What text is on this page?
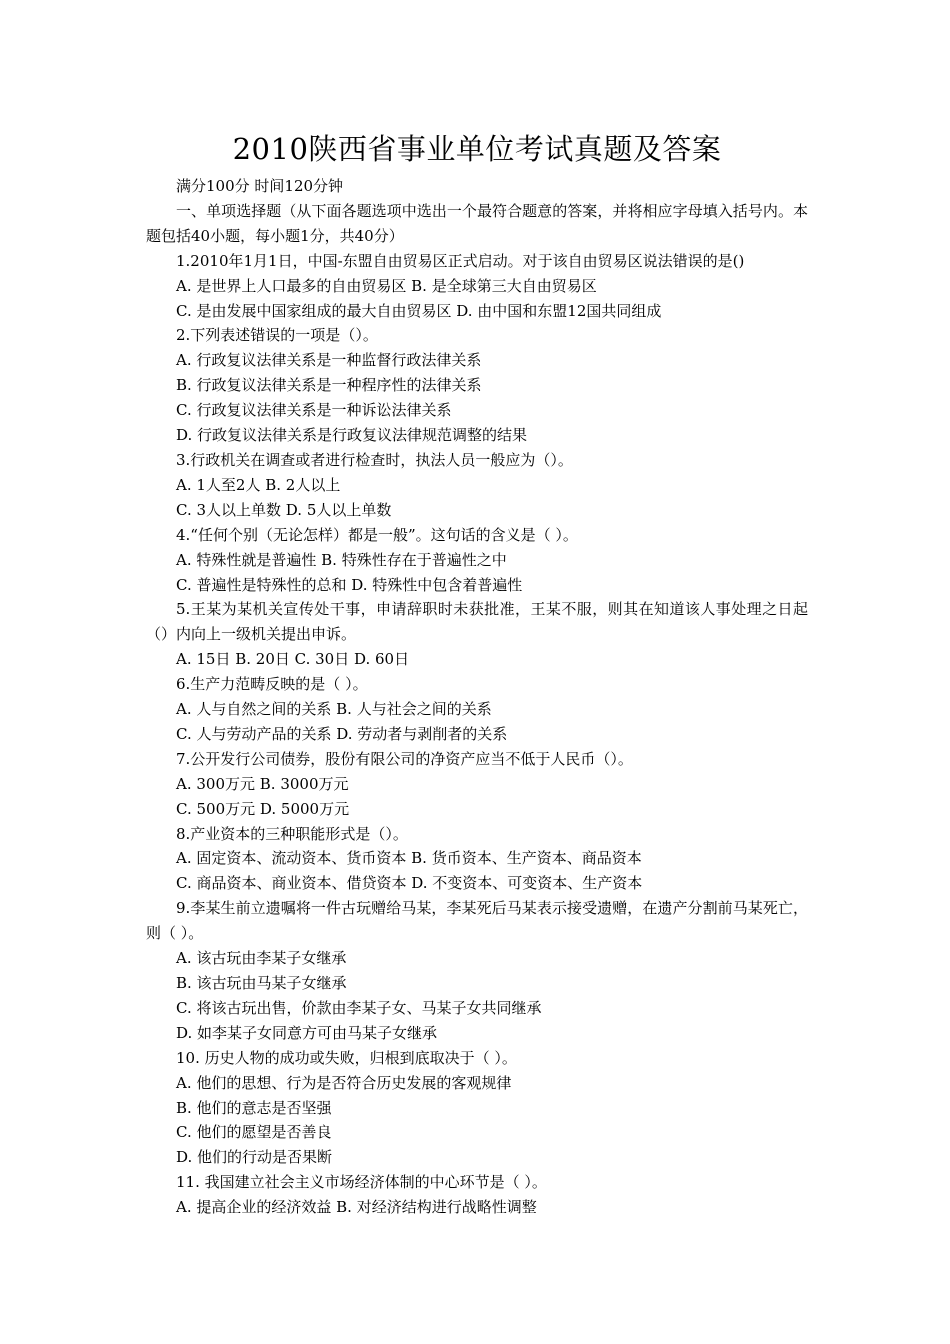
2010陕西省事业单位考试真题及答案

满分100分 时间120分钟

一、单项选择题（从下面各题选项中选出一个最符合题意的答案，并将相应字母填入括号内。本题包括40小题，每小题1分，共40分）

1.2010年1月1日，中国-东盟自由贸易区正式启动。对于该自由贸易区说法错误的是()

A. 是世界上人口最多的自由贸易区 B. 是全球第三大自由贸易区

C. 是由发展中国家组成的最大自由贸易区 D. 由中国和东盟12国共同组成

2.下列表述错误的一项是（）。

A. 行政复议法律关系是一种监督行政法律关系

B. 行政复议法律关系是一种程序性的法律关系

C. 行政复议法律关系是一种诉讼法律关系

D. 行政复议法律关系是行政复议法律规范调整的结果

3.行政机关在调查或者进行检查时，执法人员一般应为（）。

A. 1人至2人 B. 2人以上

C. 3人以上单数 D. 5人以上单数

4.“任何个别（无论怎样）都是一般”。这句话的含义是（ ）。

A. 特殊性就是普遍性 B. 特殊性存在于普遍性之中

C. 普遍性是特殊性的总和 D. 特殊性中包含着普遍性

5.王某为某机关宣传处干事，申请辞职时未获批准，王某不服，则其在知道该人事处理之日起（）内向上一级机关提出申诉。

A. 15日 B. 20日 C. 30日 D. 60日

6.生产力范畴反映的是（ ）。

A. 人与自然之间的关系 B. 人与社会之间的关系

C. 人与劳动产品的关系 D. 劳动者与剥削者的关系

7.公开发行公司债券，股份有限公司的净资产应当不低于人民币（）。

A. 300万元 B. 3000万元

C. 500万元 D. 5000万元

8.产业资本的三种职能形式是（）。

A. 固定资本、流动资本、货币资本 B. 货币资本、生产资本、商品资本

C. 商品资本、商业资本、借贷资本 D. 不变资本、可变资本、生产资本

9.李某生前立遗嘱将一件古玩赠给马某，李某死后马某表示接受遗赠，在遗产分割前马某死亡，则（ ）。

A. 该古玩由李某子女继承

B. 该古玩由马某子女继承

C. 将该古玩出售，价款由李某子女、马某子女共同继承

D. 如李某子女同意方可由马某子女继承

10. 历史人物的成功或失败，归根到底取决于（ ）。

A. 他们的思想、行为是否符合历史发展的客观规律

B. 他们的意志是否坚强

C. 他们的愿望是否善良

D. 他们的行动是否果断

11. 我国建立社会主义市场经济体制的中心环节是（ ）。

A. 提高企业的经济效益 B. 对经济结构进行战略性调整
